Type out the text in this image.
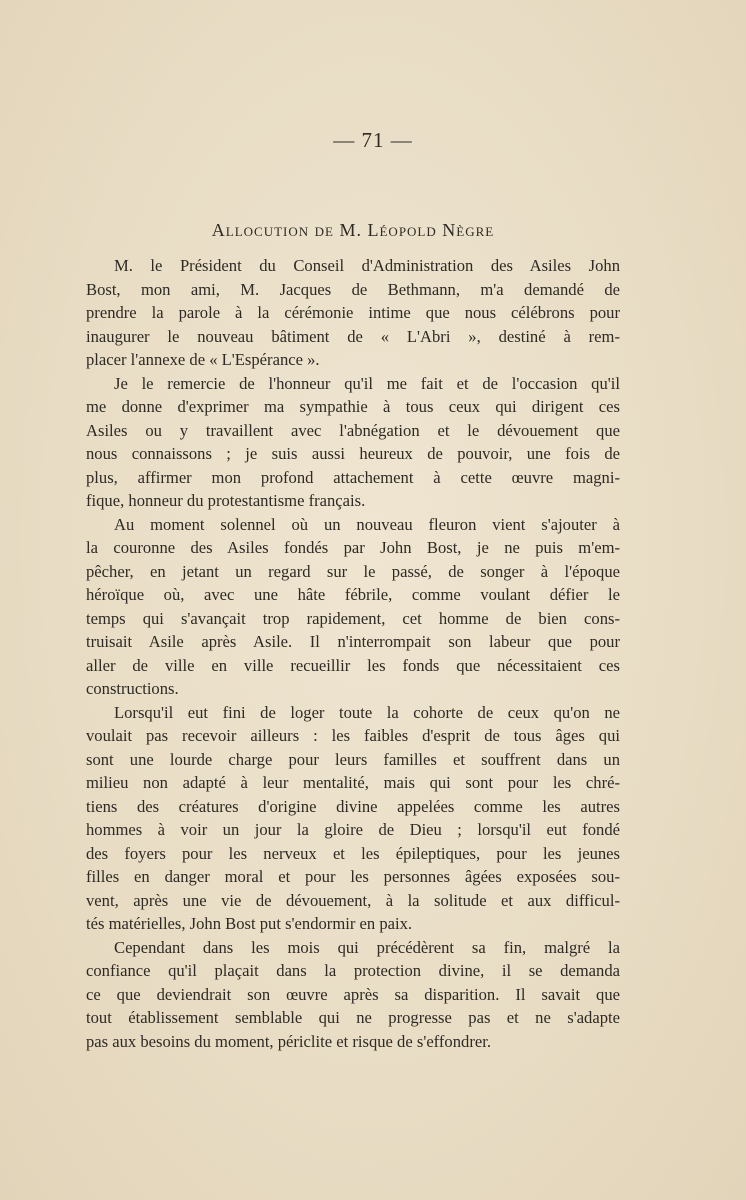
— 71 —
Allocution de M. Léopold Nègre
M. le Président du Conseil d'Administration des Asiles John
Bost, mon ami, M. Jacques de Bethmann, m'a demandé de
prendre la parole à la cérémonie intime que nous célébrons pour
inaugurer le nouveau bâtiment de « L'Abri », destiné à rem-
placer l'annexe de « L'Espérance ».
Je le remercie de l'honneur qu'il me fait et de l'occasion qu'il
me donne d'exprimer ma sympathie à tous ceux qui dirigent ces
Asiles ou y travaillent avec l'abnégation et le dévouement que
nous connaissons ; je suis aussi heureux de pouvoir, une fois de
plus, affirmer mon profond attachement à cette œuvre magni-
fique, honneur du protestantisme français.
Au moment solennel où un nouveau fleuron vient s'ajouter à
la couronne des Asiles fondés par John Bost, je ne puis m'em-
pêcher, en jetant un regard sur le passé, de songer à l'époque
héroïque où, avec une hâte fébrile, comme voulant défier le
temps qui s'avançait trop rapidement, cet homme de bien cons-
truisait Asile après Asile. Il n'interrompait son labeur que pour
aller de ville en ville recueillir les fonds que nécessitaient ces
constructions.
Lorsqu'il eut fini de loger toute la cohorte de ceux qu'on ne
voulait pas recevoir ailleurs : les faibles d'esprit de tous âges qui
sont une lourde charge pour leurs familles et souffrent dans un
milieu non adapté à leur mentalité, mais qui sont pour les chré-
tiens des créatures d'origine divine appelées comme les autres
hommes à voir un jour la gloire de Dieu ; lorsqu'il eut fondé
des foyers pour les nerveux et les épileptiques, pour les jeunes
filles en danger moral et pour les personnes âgées exposées sou-
vent, après une vie de dévouement, à la solitude et aux difficul-
tés matérielles, John Bost put s'endormir en paix.
Cependant dans les mois qui précédèrent sa fin, malgré la
confiance qu'il plaçait dans la protection divine, il se demanda
ce que deviendrait son œuvre après sa disparition. Il savait que
tout établissement semblable qui ne progresse pas et ne s'adapte
pas aux besoins du moment, périclite et risque de s'effondrer.
